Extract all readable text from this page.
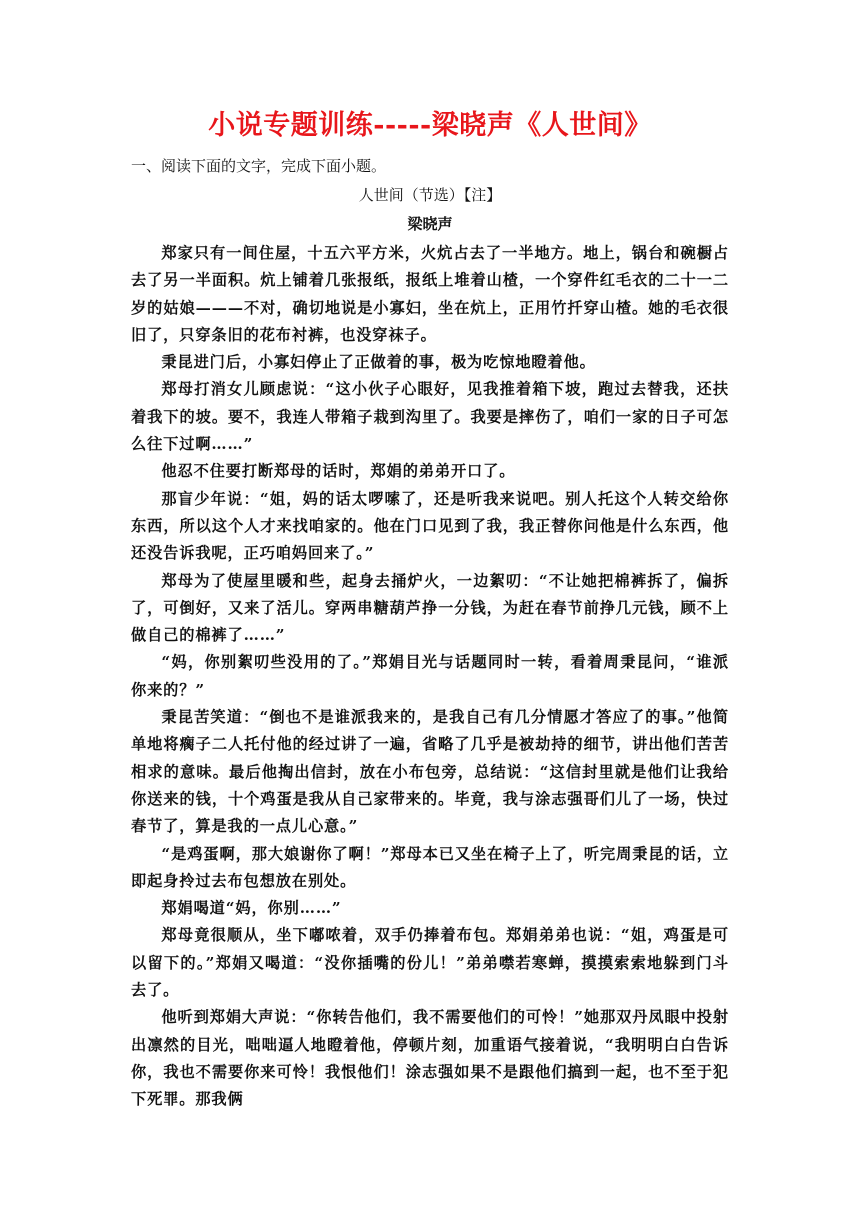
小说专题训练-----梁晓声《人世间》
一、阅读下面的文字，完成下面小题。
人世间（节选）【注】
梁晓声

郑家只有一间住屋，十五六平方米，火炕占去了一半地方。地上，锅台和碗橱占去了另一半面积。炕上铺着几张报纸，报纸上堆着山楂，一个穿件红毛衣的二十一二岁的姑娘———不对，确切地说是小寡妇，坐在炕上，正用竹扦穿山楂。她的毛衣很旧了，只穿条旧的花布衬裤，也没穿袜子。

秉昆进门后，小寡妇停止了正做着的事，极为吃惊地瞪着他。

郑母打消女儿顾虑说：“这小伙子心眼好，见我推着箱下坡，跑过去替我，还扶着我下的坡。要不，我连人带箱子栽到沟里了。我要是摔伤了，咱们一家的日子可怎么往下过啊……”

他忍不住要打断郑母的话时，郑娟的弟弟开口了。

那盲少年说：“姐，妈的话太啰嗦了，还是听我来说吧。别人托这个人转交给你东西，所以这个人才来找咱家的。他在门口见到了我，我正替你问他是什么东西，他还没告诉我呢，正巧咱妈回来了。”

郑母为了使屋里暖和些，起身去捅炉火，一边絮叨：“不让她把棉裤拆了，偏拆了，可倒好，又来了活儿。穿两串糖葫芦挣一分钱，为赶在春节前挣几元钱，顾不上做自己的棉裤了……”

“妈，你别絮叨些没用的了。”郑娟目光与话题同时一转，看着周秉昆问，“谁派你来的？”

秉昆苦笑道：“倒也不是谁派我来的，是我自己有几分情愿才答应了的事。”他简单地将瘸子二人托付他的经过讲了一遍，省略了几乎是被劫持的细节，讲出他们苦苦相求的意味。最后他掏出信封，放在小布包旁，总结说：“这信封里就是他们让我给你送来的钱，十个鸡蛋是我从自己家带来的。毕竟，我与涂志强哥们儿了一场，快过春节了，算是我的一点儿心意。”

“是鸡蛋啊，那大娘谢你了啊！”郑母本已又坐在椅子上了，听完周秉昆的话，立即起身拎过去布包想放在别处。

郑娟喝道“妈，你别……”

郑母竟很顺从，坐下嘟哝着，双手仍捧着布包。郑娟弟弟也说：“姐，鸡蛋是可以留下的。”郑娟又喝道：“没你插嘴的份儿！”弟弟噤若寒蝉，摸摸索索地躲到门斗去了。

他听到郑娟大声说：“你转告他们，我不需要他们的可怜！”她那双丹凤眼中投射出凛然的目光，咄咄逼人地瞪着他，停顿片刻，加重语气接着说，“我明明白白告诉你，我也不需要你来可怜！我恨他们！涂志强如果不是跟他们搞到一起，也不至于犯下死罪。那我俩
